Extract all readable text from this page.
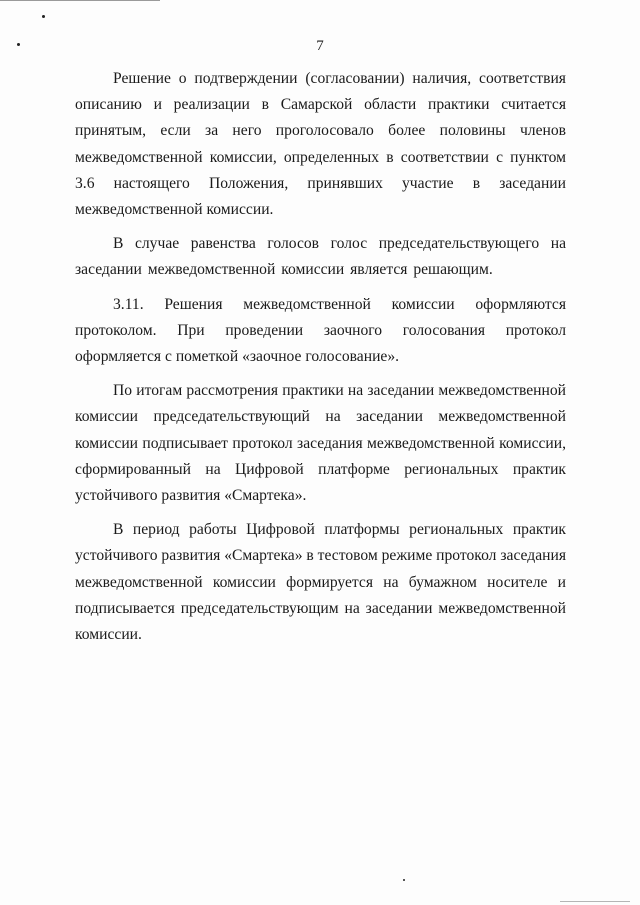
7

Решение о подтверждении (согласовании) наличия, соответствия описанию и реализации в Самарской области практики считается принятым, если за него проголосовало более половины членов межведомственной комиссии, определенных в соответствии с пунктом 3.6 настоящего Положения, принявших участие в заседании межведомственной комиссии.

В случае равенства голосов голос председательствующего на заседании межведомственной комиссии является решающим.

3.11. Решения межведомственной комиссии оформляются протоколом. При проведении заочного голосования протокол оформляется с пометкой «заочное голосование».

По итогам рассмотрения практики на заседании межведомственной комиссии председательствующий на заседании межведомственной комиссии подписывает протокол заседания межведомственной комиссии, сформированный на Цифровой платформе региональных практик устойчивого развития «Смартека».

В период работы Цифровой платформы региональных практик устойчивого развития «Смартека» в тестовом режиме протокол заседания межведомственной комиссии формируется на бумажном носителе и подписывается председательствующим на заседании межведомственной комиссии.
